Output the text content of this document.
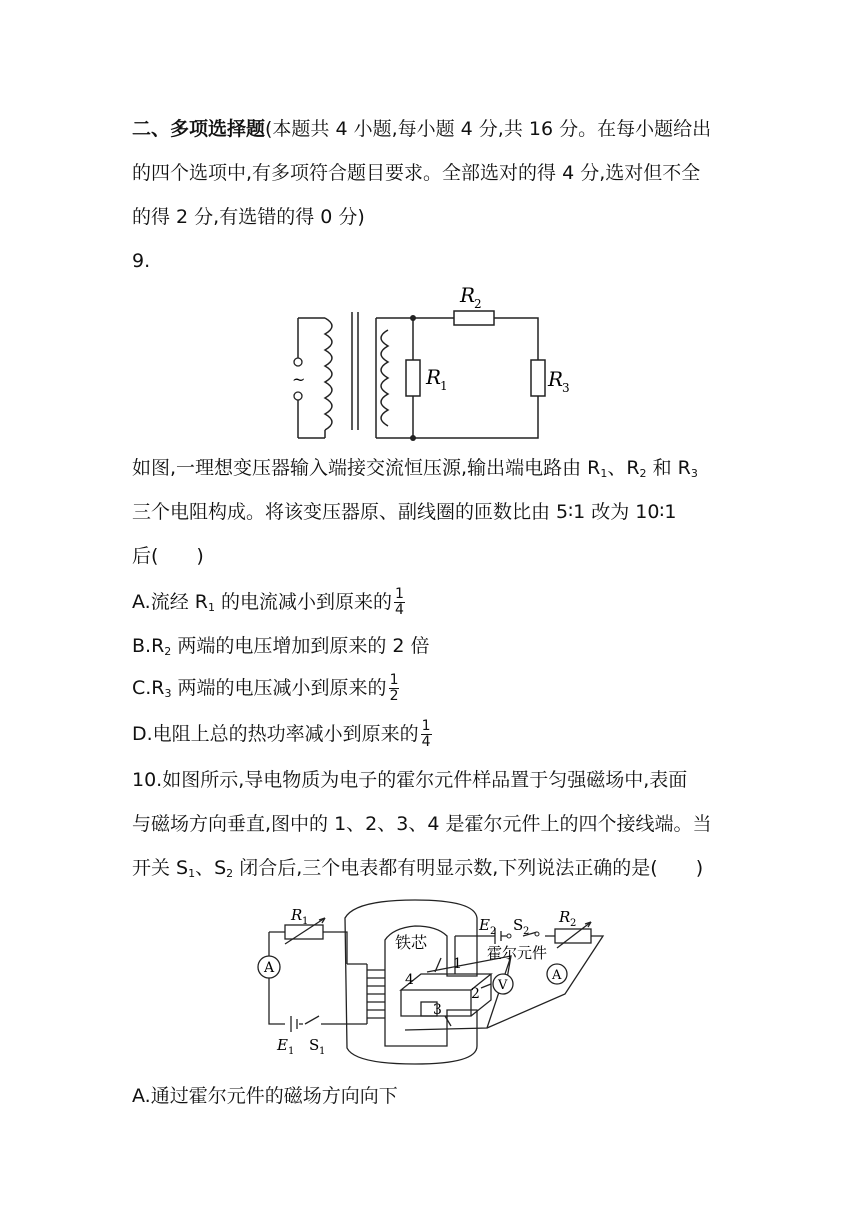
二、多项选择题(本题共 4 小题,每小题 4 分,共 16 分。在每小题给出
的四个选项中,有多项符合题目要求。全部选对的得 4 分,选对但不全
的得 2 分,有选错的得 0 分)
9.
~
R
2
R
1	R
3
如图,一理想变压器输入端接交流恒压源,输出端电路由 $R_1$、$R_2$ 和 $R_3$
三个电阻构成。将该变压器原、副线圈的匝数比由 5∶1 改为 10∶1
后(　　)
A.流经 $R_1$ 的电流减小到原来的 $\frac{1}{4}$
$B.R_2$ 两端的电压增加到原来的 2 倍
$C.R_3$ 两端的电压减小到原来的 $\frac{1}{2}$
D.电阻上总的热功率减小到原来的 $\frac{1}{4}$
10.如图所示,导电物质为电子的霍尔元件样品置于匀强磁场中,表面
与磁场方向垂直,图中的 1、2、3、4 是霍尔元件上的四个接线端。当
开关 $S_1$、$S_2$ 闭合后,三个电表都有明显示数,下列说法正确的是(　　)
A
V
A
R 1
E 1 S 1
铁芯
E 2 S 2
R 2
霍尔元件
1
2
3
4
A.通过霍尔元件的磁场方向向下
